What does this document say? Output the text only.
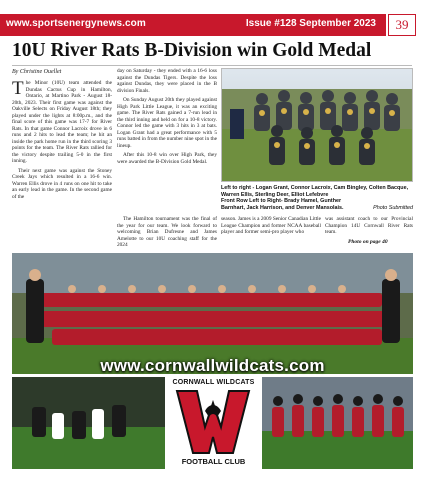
www.sportsenergynews.com	Issue #128 September 2023	39
10U River Rats B-Division win Gold Medal
By Christine Ouellet

The Minor (10U) team attended the Dundas Cactus Cup in Hamilton, Ontario, at Martino Park - August 18-20th, 2023. Their first game was against the Oakville Selects on Friday August 18th; they played under the lights at 8:00p.m., and the final score of this game was 17-7 for River Rats. In that game Connor Lacroix drove in 6 runs and 2 hits to lead the team; he hit an inside the park home run in the third scoring 3 points for the team. The River Rats rallied for the victory despite trailing 5-0 in the first inning.

Their next game was against the Stoney Creek Jays which resulted in a 16-6 win. Warren Ellis drove in 4 runs on one hit to take an early lead in the game. In the second game of the

day on Saturday - they ended with a 16-6 loss against the Dundas Tigers. Despite the loss against Dundas, they were placed in the B division Finals.

On Sunday August 20th they played against High Park Little League, it was an exciting game. The River Rats gained a 7-run lead in the third inning and held on for a 10-8 victory. Connor led the game with 3 hits in 3 at bats. Logan Grant had a great performance with 5 runs batted in from the number nine spot in the lineup.

After this 10-8 win over High Park, they were awarded the B-Division Gold Medal.

The Hamilton tournament was the final of the year for our team. We look forward to welcoming Brian Dufresne and James Amelotte to our 10U coaching staff for the 2024

season. James is a 2009 Senior Canadian Little League Champion and former NCAA baseball player and former semi-pro player who

was assistant coach to our Provincial Champion 14U Cornwall River Rats team.

Photo on page 40
Left to right - Logan Grant, Connor Lacroix, Cam Bingley, Colten Bacque, Warren Ellis, Sterling Deer, Elliot Lefebvre
Front Row Left to Right- Brady Hamel, Gunther Barnhart, Jack Harrison, and Denver Mansolais.	Photo Submitted
www.cornwallwildcats.com
CORNWALL WILDCATS
FOOTBALL CLUB
